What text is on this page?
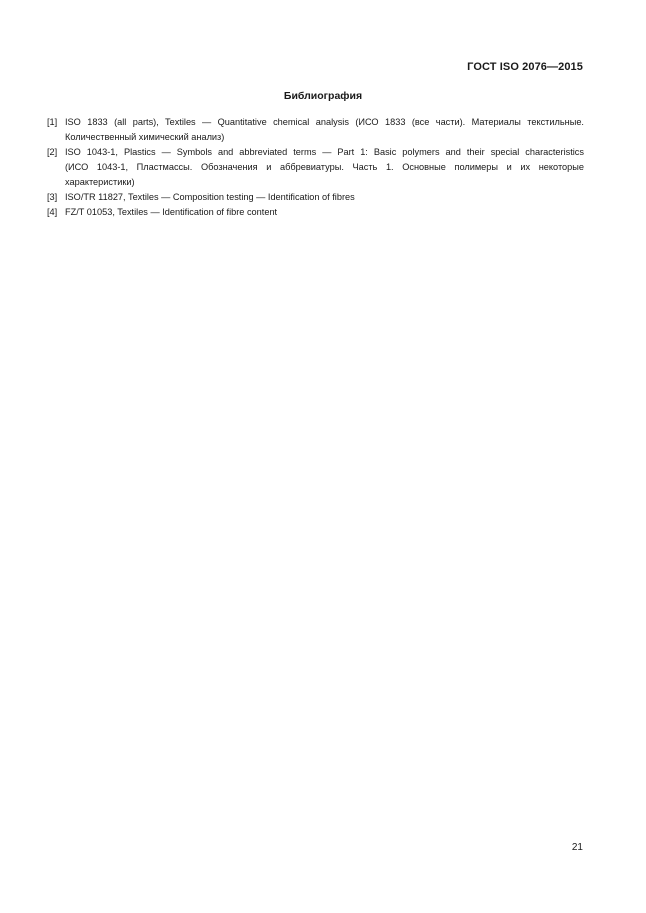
ГОСТ ISO 2076—2015
Библиография
[1] ISO 1833 (all parts), Textiles — Quantitative chemical analysis (ИСО 1833 (все части). Материалы текстильные.
Количественный химический анализ)
[2] ISO 1043-1, Plastics — Symbols and abbreviated terms — Part 1: Basic polymers and their special characteristics
(ИСО 1043-1, Пластмассы. Обозначения и аббревиатуры. Часть 1. Основные полимеры и их некоторые
характеристики)
[3] ISO/TR 11827, Textiles — Composition testing — Identification of fibres
[4] FZ/T 01053, Textiles — Identification of fibre content
21
